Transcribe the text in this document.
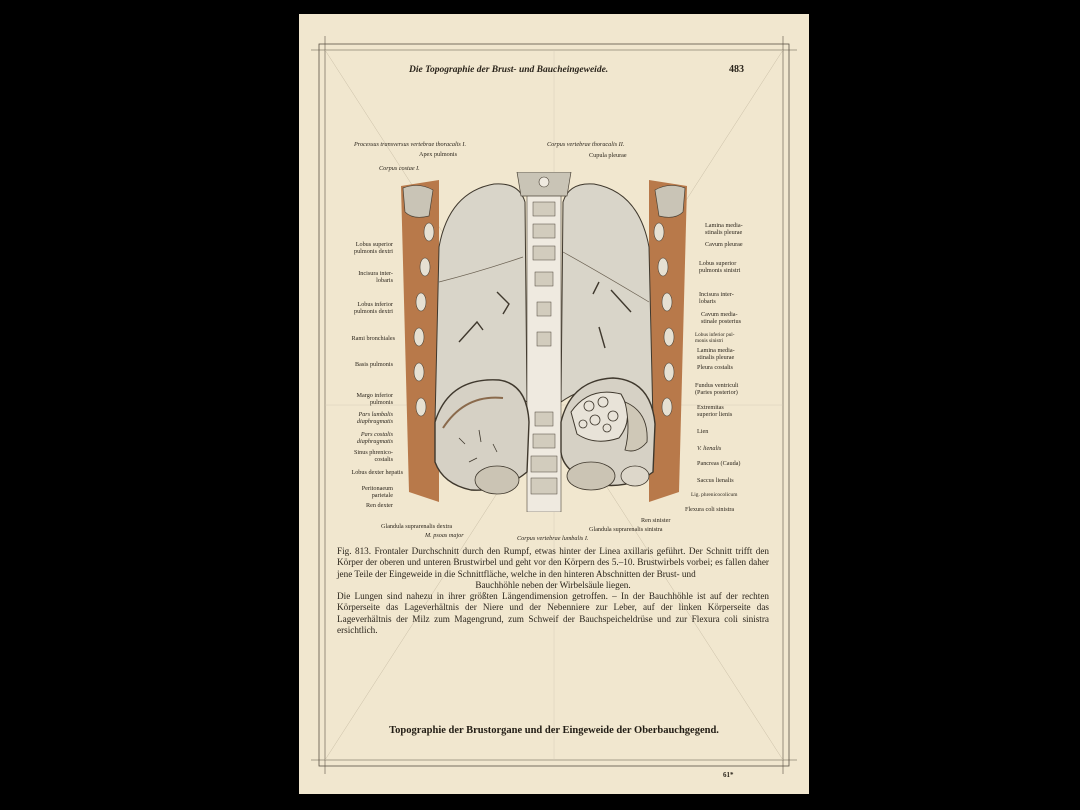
Die Topographie der Brust- und Baucheingeweide.	483
Processus transversus vertebrae thoracalis I.
Apex pulmonis
Corpus costae I.
Corpus vertebrae thoracalis II.
Cupula pleurae
Lobus superior
pulmonis dextri
Incisura inter-
lobaris
Lobus inferior
pulmonis dextri
Rami bronchiales
Basis pulmonis
Margo inferior
pulmonis
Pars lumbalis
diaphragmatis
Pars costalis
diaphragmatis
Sinus phrenico-
costalis
Lobus dexter hepatis
Peritonaeum
parietale
Ren dexter
Lamina media-
stinalis pleurae
Cavum pleurae
Lobus superior
pulmonis sinistri
Incisura inter-
lobaris
Cavum media-
stinale posterius
Lobus inferior pul-
monis sinistri
Lamina media-
stinalis pleurae
Pleura costalis
Fundus ventriculi
(Paries posterior)
Extremitas
superior lienis
Lien
V. lienalis
Pancreas (Cauda)
Saccus lienalis
Lig. phrenicocolicum
Flexura coli sinistra
Ren sinister
Glandula suprarenalis dextra
M. psoas major	Corpus vertebrae lumbalis I.
Glandula suprarenalis sinistra

Fig. 813. Frontaler Durchschnitt durch den Rumpf, etwas hinter der Linea axillaris geführt. Der Schnitt trifft den Körper der oberen und unteren Brustwirbel und geht vor den Körpern des 5.–10. Brustwirbels vorbei; es fallen daher jene Teile der Eingeweide in die Schnittfläche, welche in den hinteren Abschnitten der Brust- und

Bauchhöhle neben der Wirbelsäule liegen.

Die Lungen sind nahezu in ihrer größten Längendimension getroffen. – In der Bauchhöhle ist auf der rechten Körperseite das Lageverhältnis der Niere und der Nebenniere zur Leber, auf der linken Körperseite das Lageverhältnis der Milz zum Magengrund, zum Schweif der Bauchspeicheldrüse und zur Flexura coli sinistra ersichtlich.

Topographie der Brustorgane und der Eingeweide der Oberbauchgegend.
61*
